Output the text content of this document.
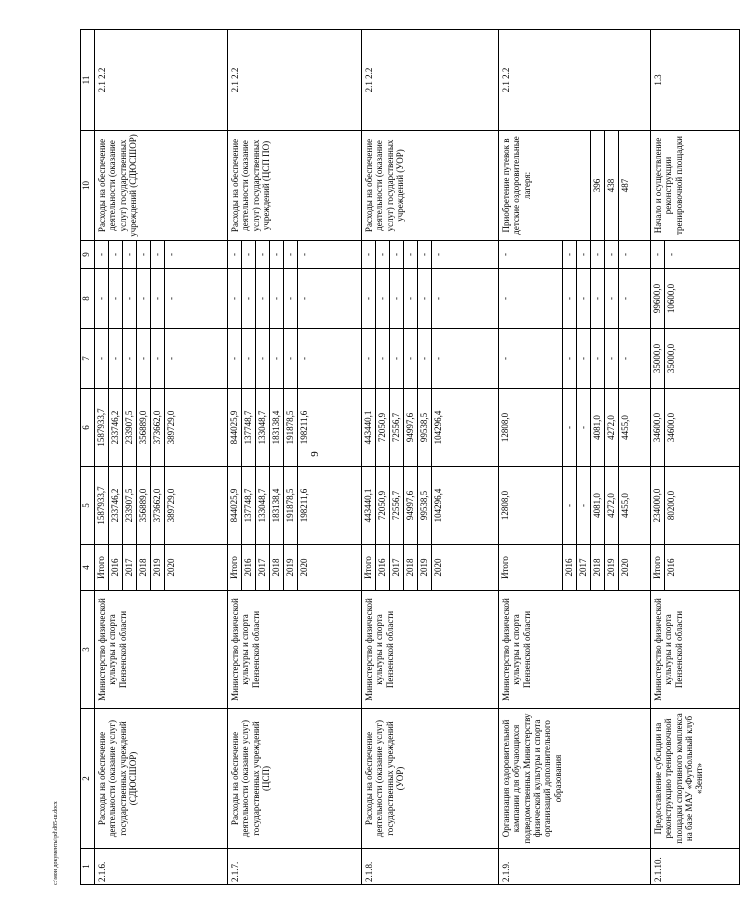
9
c:\мои документы\pd\d85-ш.docx 1	2	3	4	5	6	7	8	9	10	11
2.1.6.	Расходы на обеспечение деятельности (оказание услуг) государственных учреждений (СДЮСШОР)	Министерство физической культуры и спорта Пензенской области	Итого	1587933,7	1587933,7	-	-	-	Расходы на обеспечение деятельности (оказание услуг) государственных учреждений (СДЮСШОР)	2.1 2.2
			2016	233746,2	233746,2	-	-	-		
			2017	233907,5	233907,5	-	-	-		
			2018	356889,0	356889,0	-	-	-		
			2019	373662,0	373662,0	-	-	-		
			2020	389729,0	389729,0	-	-	-		
2.1.7.	Расходы на обеспечение деятельности (оказание услуг) государственных учреждений (ЦСП)	Министерство физической культуры и спорта Пензенской области	Итого	844025,9	844025,9	-	-	-	Расходы на обеспечение деятельности (оказание услуг) государственных учреждений (ЦСП ПО)	2.1 2.2
			2016	137748,7	137748,7	-	-	-		
			2017	133048,7	133048,7	-	-	-		
			2018	183138,4	183138,4	-	-	-		
			2019	191878,5	191878,5	-	-	-		
			2020	198211,6	198211,6	-	-	-		
2.1.8.	Расходы на обеспечение деятельности (оказание услуг) государственных учреждений (УОР)	Министерство физической культуры и спорта Пензенской области	Итого	443440,1	443440,1	-	-	-	Расходы на обеспечение деятельности (оказание услуг) государственных учреждений (УОР)	2.1 2.2
			2016	72050,9	72050,9	-	-	-		
			2017	72556,7	72556,7	-	-	-		
			2018	94997,6	94997,6	-	-	-		
			2019	99538,5	99538,5	-	-	-		
			2020	104296,4	104296,4	-	-	-		
2.1.9.	Организация оздоровительной кампании для обучающихся подведомственных Министерству физической культуры и спорта организаций дополнительного образования	Министерство физической культуры и спорта Пензенской области	Итого	12808,0	12808,0	-	-	-	Приобретение путевок в детские оздоровительные лагеря:	2.1 2.2
			2016	-	-	-	-	-		
			2017	-	-	-	-	-		
			2018	4081,0	4081,0	-	-	-	396	
			2019	4272,0	4272,0	-	-	-	438	
			2020	4455,0	4455,0	-	-	-	487	
2.1.10.	Предоставление субсидии на реконструкцию тренировочной площадки спортивного комплекса на базе МАУ «Футбольный клуб «Зенит»	Министерство физической культуры и спорта Пензенской области	Итого	234000,0	34600,0	35000,0	99600,0	-	Начало и осуществление реконструкции тренировочной площадки	1.3
			2016	80200,0	34600,0	35000,0	10600,0	-		
